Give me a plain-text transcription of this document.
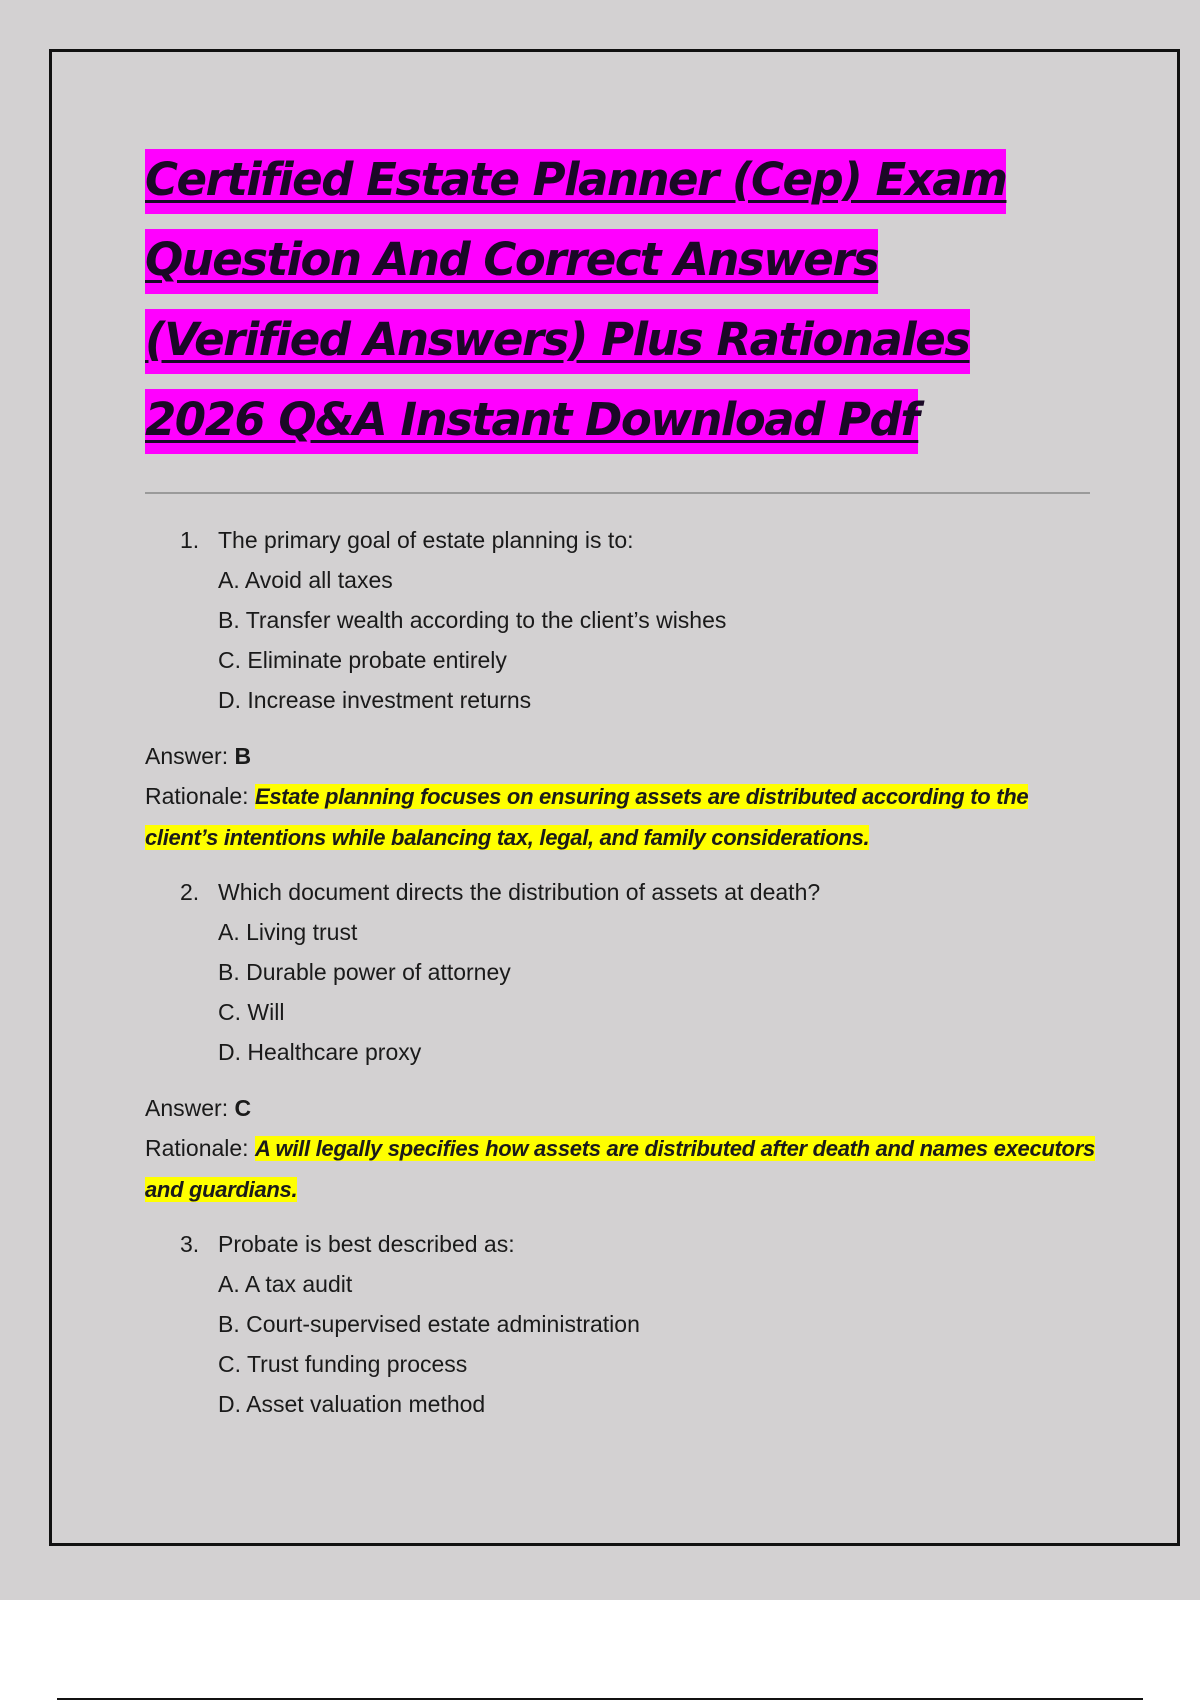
Certified Estate Planner (Cep) Exam Question And Correct Answers (Verified Answers) Plus Rationales 2026 Q&A Instant Download Pdf
1. The primary goal of estate planning is to:
A. Avoid all taxes
B. Transfer wealth according to the client’s wishes
C. Eliminate probate entirely
D. Increase investment returns
Answer: B
Rationale: Estate planning focuses on ensuring assets are distributed according to the client’s intentions while balancing tax, legal, and family considerations.
2. Which document directs the distribution of assets at death?
A. Living trust
B. Durable power of attorney
C. Will
D. Healthcare proxy
Answer: C
Rationale: A will legally specifies how assets are distributed after death and names executors and guardians.
3. Probate is best described as:
A. A tax audit
B. Court-supervised estate administration
C. Trust funding process
D. Asset valuation method
